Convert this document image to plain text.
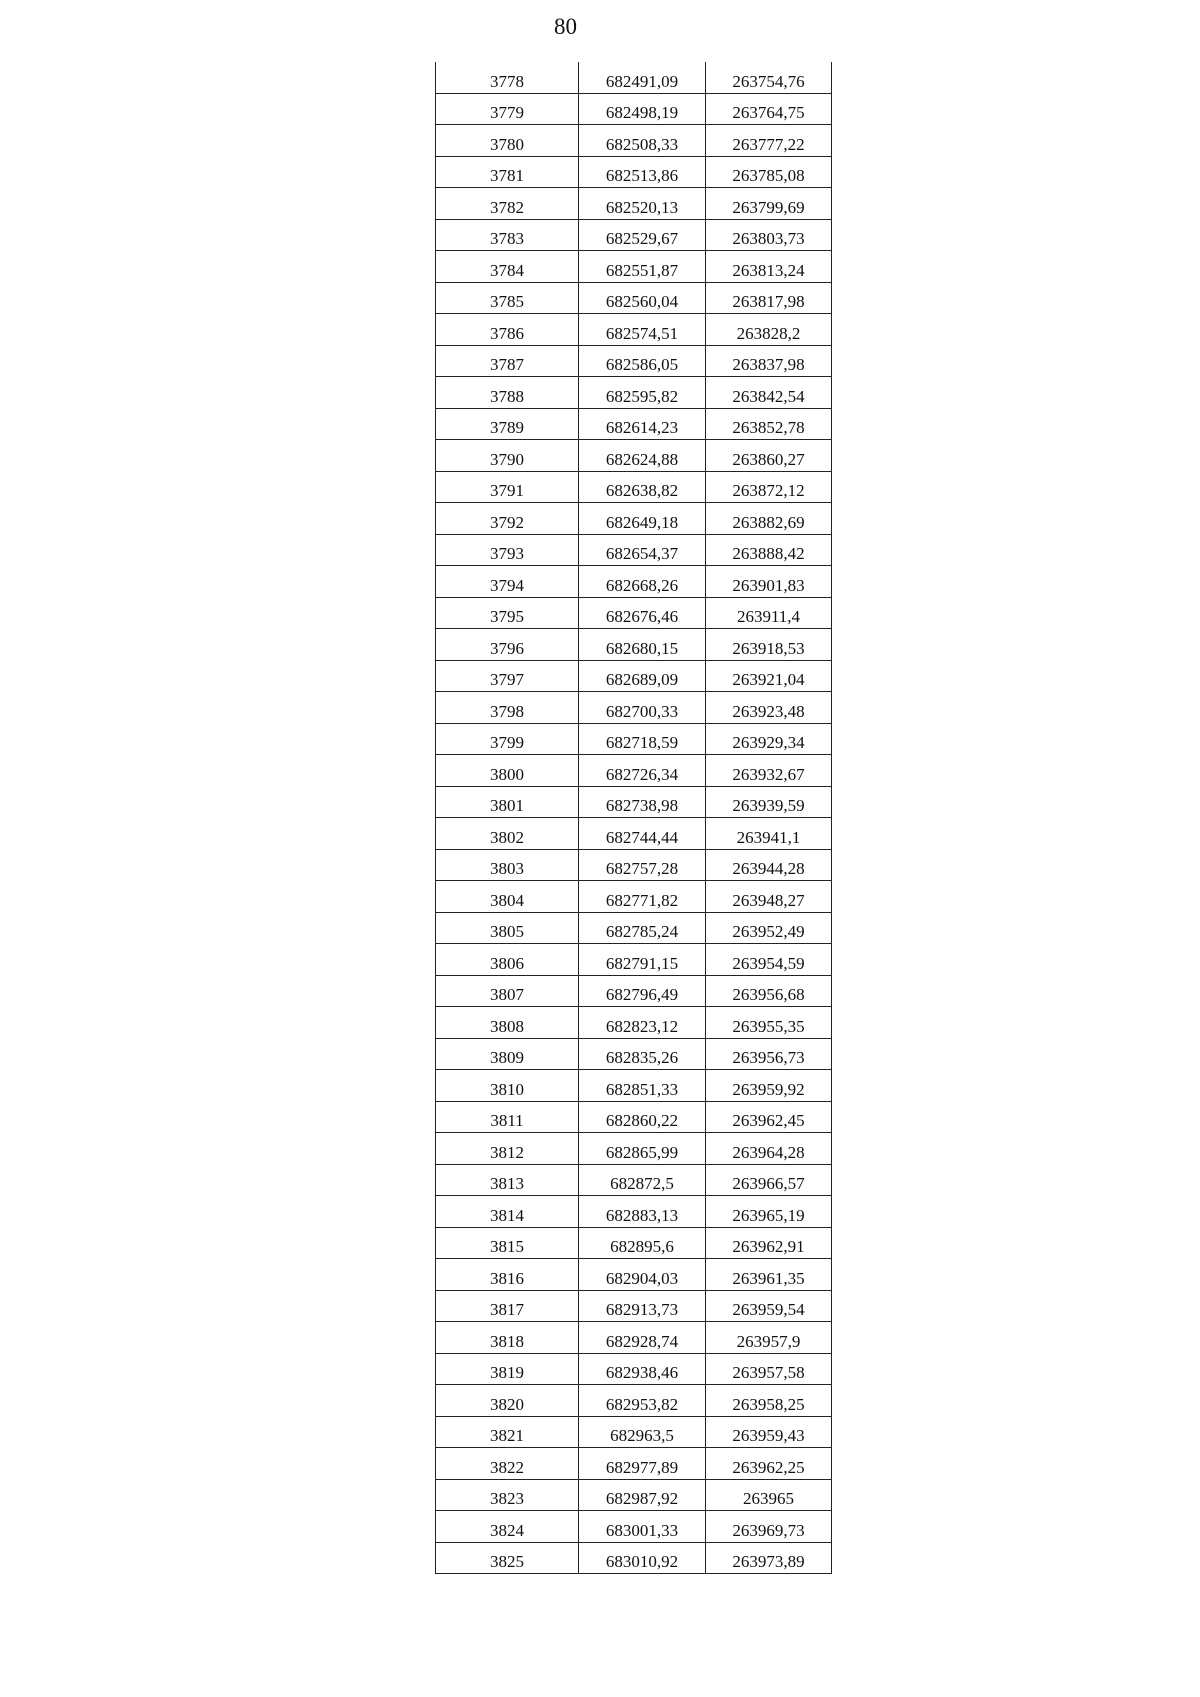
80
3778	682491,09	263754,76
3779	682498,19	263764,75
3780	682508,33	263777,22
3781	682513,86	263785,08
3782	682520,13	263799,69
3783	682529,67	263803,73
3784	682551,87	263813,24
3785	682560,04	263817,98
3786	682574,51	263828,2
3787	682586,05	263837,98
3788	682595,82	263842,54
3789	682614,23	263852,78
3790	682624,88	263860,27
3791	682638,82	263872,12
3792	682649,18	263882,69
3793	682654,37	263888,42
3794	682668,26	263901,83
3795	682676,46	263911,4
3796	682680,15	263918,53
3797	682689,09	263921,04
3798	682700,33	263923,48
3799	682718,59	263929,34
3800	682726,34	263932,67
3801	682738,98	263939,59
3802	682744,44	263941,1
3803	682757,28	263944,28
3804	682771,82	263948,27
3805	682785,24	263952,49
3806	682791,15	263954,59
3807	682796,49	263956,68
3808	682823,12	263955,35
3809	682835,26	263956,73
3810	682851,33	263959,92
3811	682860,22	263962,45
3812	682865,99	263964,28
3813	682872,5	263966,57
3814	682883,13	263965,19
3815	682895,6	263962,91
3816	682904,03	263961,35
3817	682913,73	263959,54
3818	682928,74	263957,9
3819	682938,46	263957,58
3820	682953,82	263958,25
3821	682963,5	263959,43
3822	682977,89	263962,25
3823	682987,92	263965
3824	683001,33	263969,73
3825	683010,92	263973,89
